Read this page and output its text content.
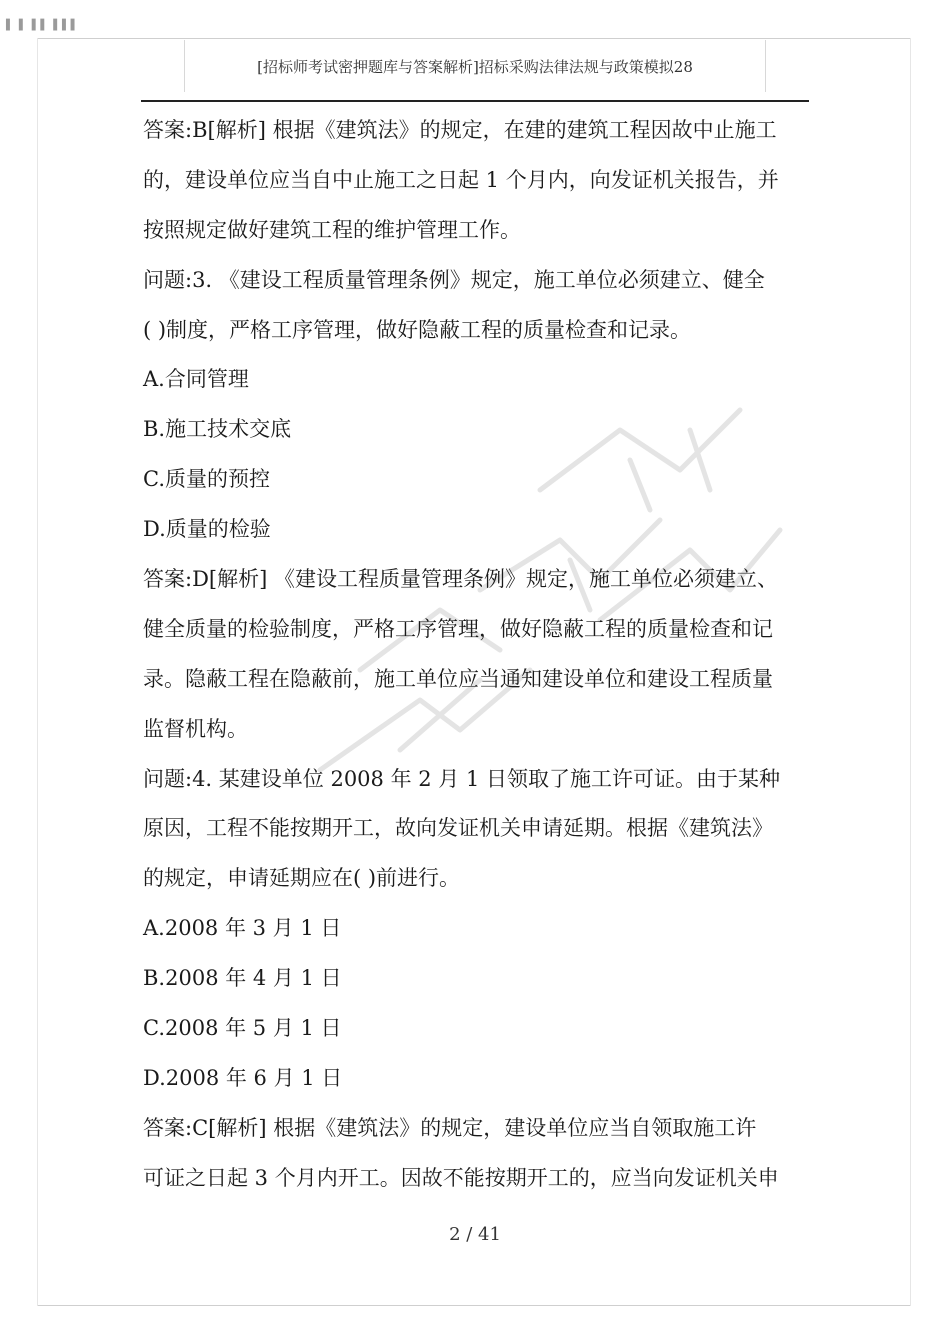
▌ ▌ ▌▌ ▌▌▌
[招标师考试密押题库与答案解析]招标采购法律法规与政策模拟28
答案:B[解析] 根据《建筑法》的规定，在建的建筑工程因故中止施工
的，建设单位应当自中止施工之日起 1 个月内，向发证机关报告，并
按照规定做好建筑工程的维护管理工作。
问题:3. 《建设工程质量管理条例》规定，施工单位必须建立、健全
( )制度，严格工序管理，做好隐蔽工程的质量检查和记录。
A.合同管理
B.施工技术交底
C.质量的预控
D.质量的检验
答案:D[解析] 《建设工程质量管理条例》规定，施工单位必须建立、
健全质量的检验制度，严格工序管理，做好隐蔽工程的质量检查和记
录。隐蔽工程在隐蔽前，施工单位应当通知建设单位和建设工程质量
监督机构。
问题:4. 某建设单位 2008 年 2 月 1 日领取了施工许可证。由于某种
原因，工程不能按期开工，故向发证机关申请延期。根据《建筑法》
的规定，申请延期应在( )前进行。
A.2008 年 3 月 1 日
B.2008 年 4 月 1 日
C.2008 年 5 月 1 日
D.2008 年 6 月 1 日
答案:C[解析] 根据《建筑法》的规定，建设单位应当自领取施工许
可证之日起 3 个月内开工。因故不能按期开工的，应当向发证机关申
2 / 41
